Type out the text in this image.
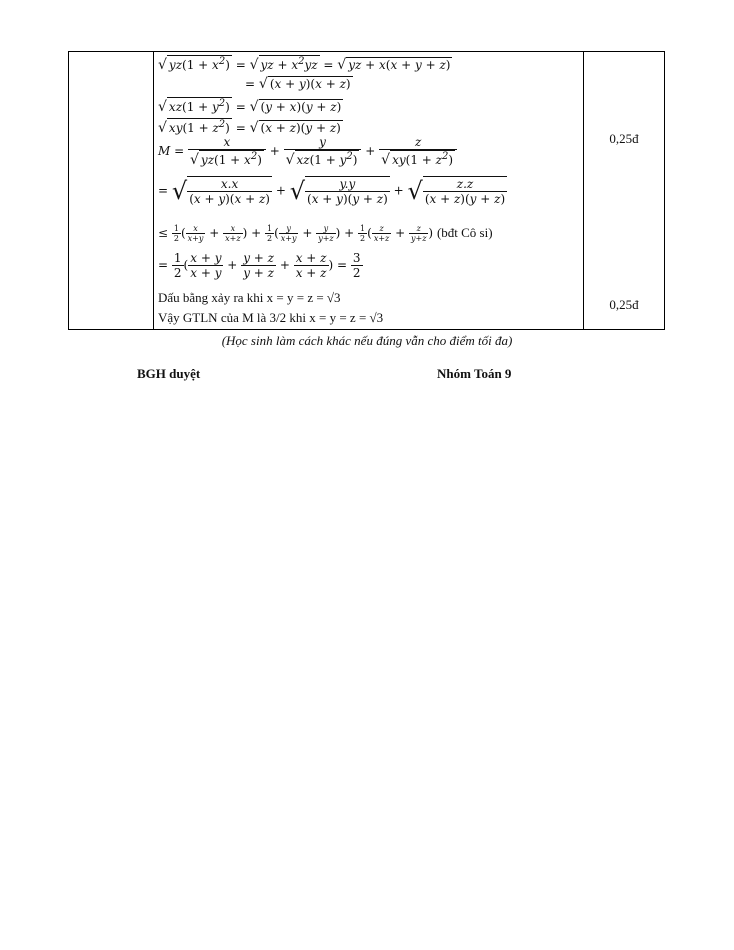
0,25đ
0,25đ
√ $yz(1 + x^2)$ = √ yz + $x^2yz$ = √ yz + x(x + y + z)
= √ (x + y)(x + z)
√ $xz(1 + y^2)$ = √ (y + x)(y + z)
√ $xy(1 + z^2)$ = √ (x + z)(y + z)
$M = \frac{x}{√ yz(1 + x^2)} + \frac{y}{√ xz(1 + y^2)} + \frac{z}{√ xy(1 + z^2)}$
= √ $\frac{x.x}{(x + y)(x + z)}$ + √ $\frac{y.y}{(x + y)(y + z)}$ + √ $\frac{z.z}{(x + z)(y + z)}$
≤ $\frac{1}{2}$ ( $\frac{x}{x+y} + \frac{x}{x+z}$ ) + $\frac{1}{2}$ ( $\frac{y}{x+y} + \frac{y}{y+z}$ ) + $\frac{1}{2}$ ( $\frac{z}{x+z} + \frac{z}{y+z}$ ) (bđt Cô si)
= $\frac{1}{2}$ ( $\frac{x + y}{x + y} + \frac{y + z}{y + z} + \frac{x + z}{x + z}$ ) = $\frac{3}{2}$
Dấu bằng xảy ra khi x = y = z = √3
Vậy GTLN của M là 3/2 khi x = y = z = √3
(Học sinh làm cách khác nếu đúng vẫn cho điểm tối đa)
BGH duyệt	Nhóm Toán 9
